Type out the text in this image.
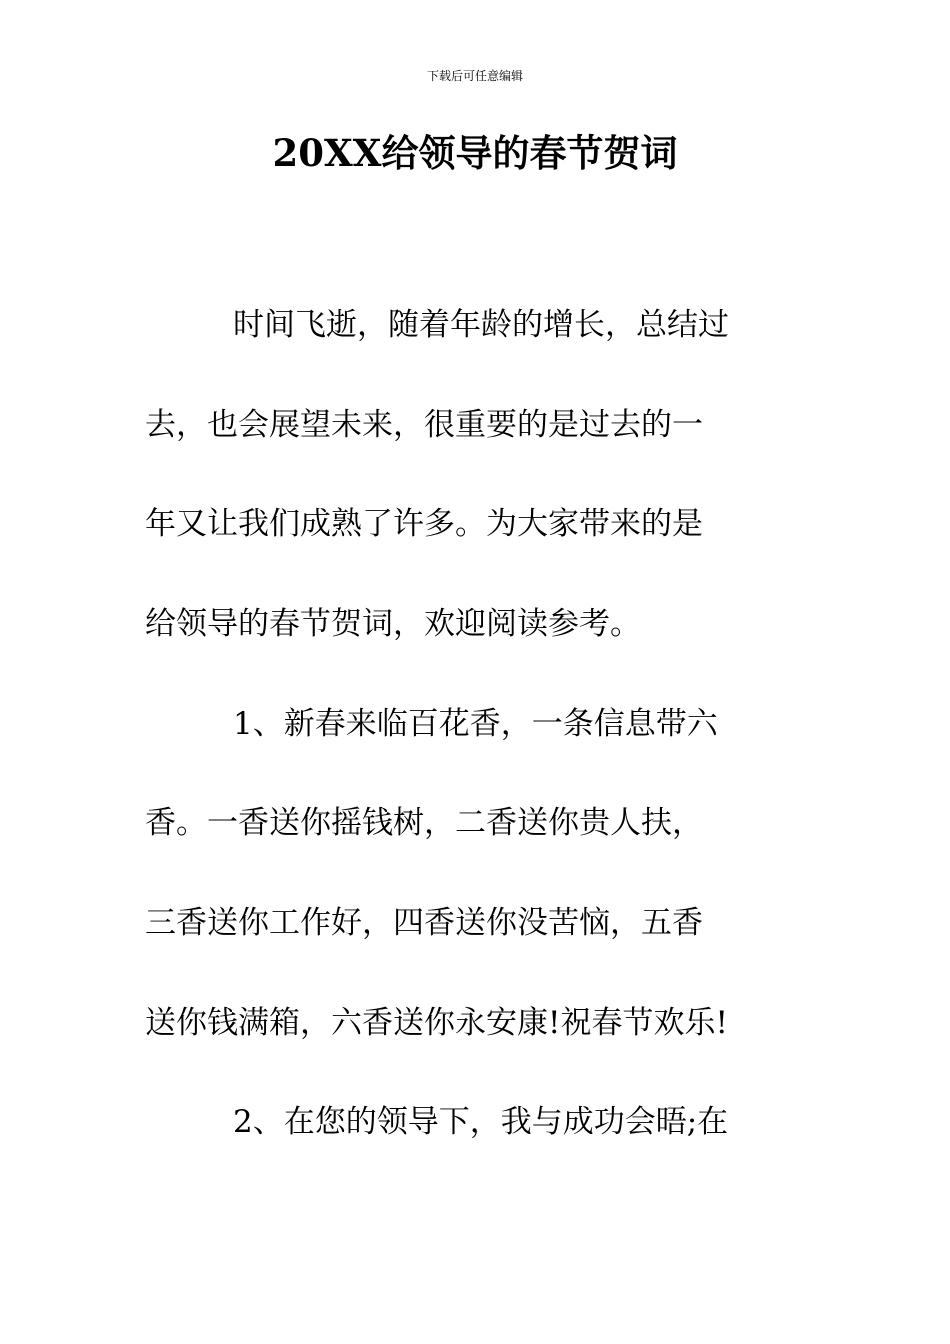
下载后可任意编辑
20XX给领导的春节贺词

时间飞逝，随着年龄的增长，总结过

去，也会展望未来，很重要的是过去的一

年又让我们成熟了许多。为大家带来的是

给领导的春节贺词，欢迎阅读参考。

1、新春来临百花香，一条信息带六

香。一香送你摇钱树，二香送你贵人扶，

三香送你工作好，四香送你没苦恼，五香

送你钱满箱，六香送你永安康!祝春节欢乐!

2、在您的领导下，我与成功会晤;在
